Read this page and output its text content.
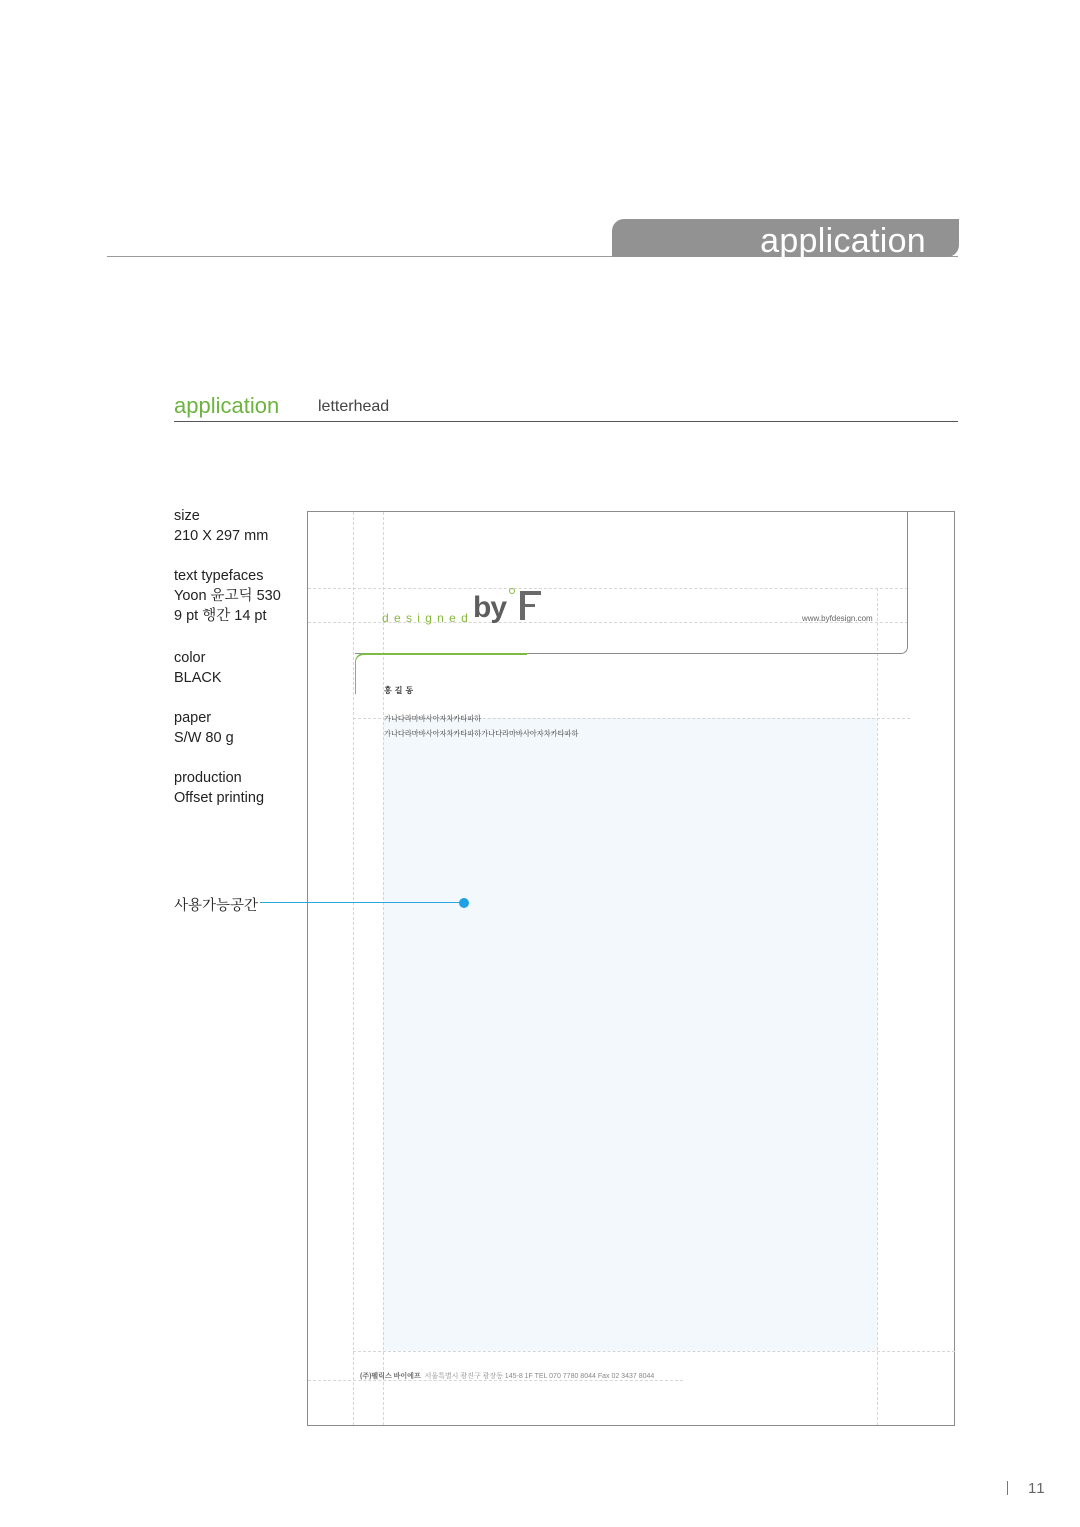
application
application letterhead
size
210 X 297 mm
text typefaces
Yoon 윤고딕 530
9 pt 행간 14 pt
color
BLACK
paper
S/W 80 g
production
Offset printing
designed by	www.byfdesign.com
홍길동
가나다라마바사아자차카타파하
가나다라마바사아자차카타파하가나다라마바사아자차카타파하
(주)펠릭스 바이에프 서울특별시 광진구 광장동 145-8 1F TEL 070 7780 8044 Fax 02 3437 8044
사용가능공간
11
